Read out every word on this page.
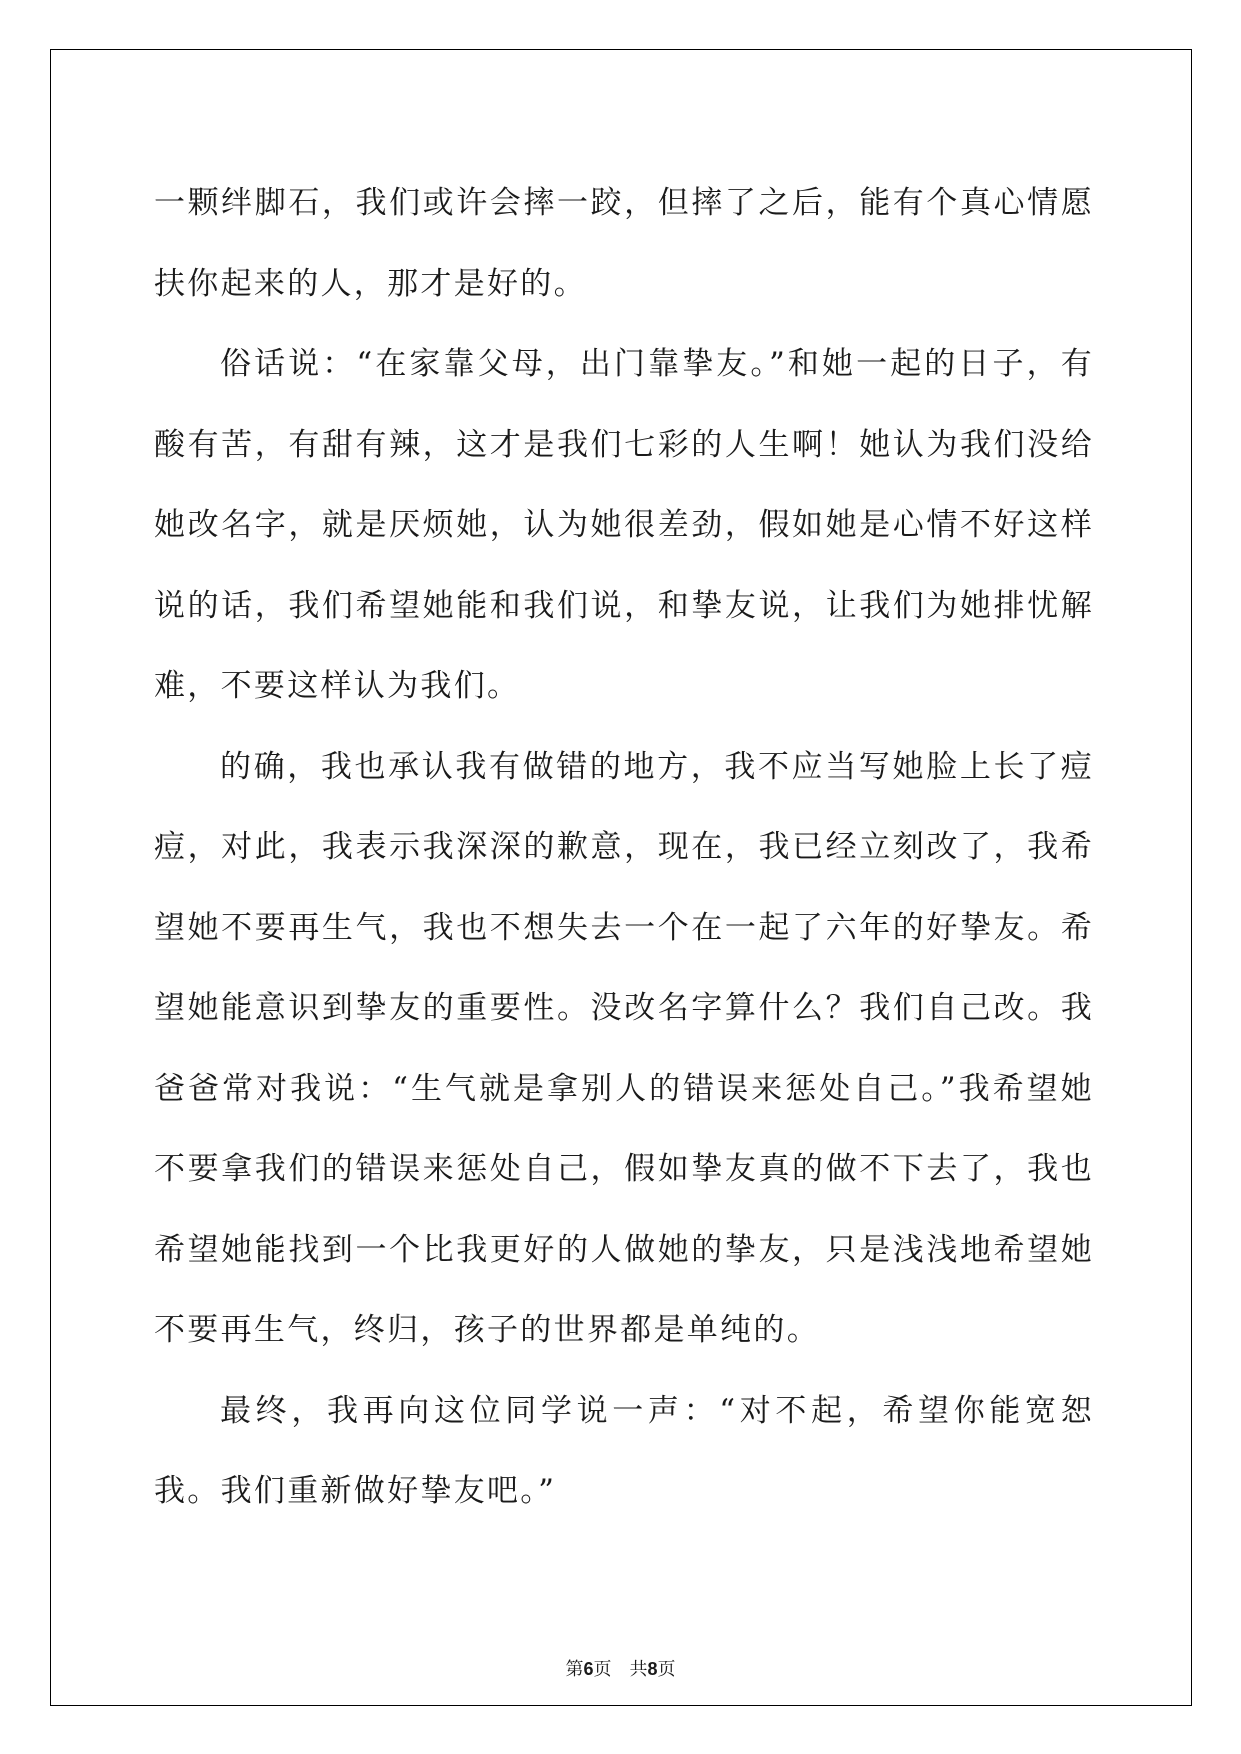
一颗绊脚石，我们或许会摔一跤，但摔了之后，能有个真心情愿扶你起来的人，那才是好的。

俗话说：“在家靠父母，出门靠挚友。”和她一起的日子，有酸有苦，有甜有辣，这才是我们七彩的人生啊！她认为我们没给她改名字，就是厌烦她，认为她很差劲，假如她是心情不好这样说的话，我们希望她能和我们说，和挚友说，让我们为她排忧解难，不要这样认为我们。

的确，我也承认我有做错的地方，我不应当写她脸上长了痘痘，对此，我表示我深深的歉意，现在，我已经立刻改了，我希望她不要再生气，我也不想失去一个在一起了六年的好挚友。希望她能意识到挚友的重要性。没改名字算什么？我们自己改。我爸爸常对我说：“生气就是拿别人的错误来惩处自己。”我希望她不要拿我们的错误来惩处自己，假如挚友真的做不下去了，我也希望她能找到一个比我更好的人做她的挚友，只是浅浅地希望她不要再生气，终归，孩子的世界都是单纯的。

最终，我再向这位同学说一声：“对不起，希望你能宽恕我。我们重新做好挚友吧。”

第6页　共8页
